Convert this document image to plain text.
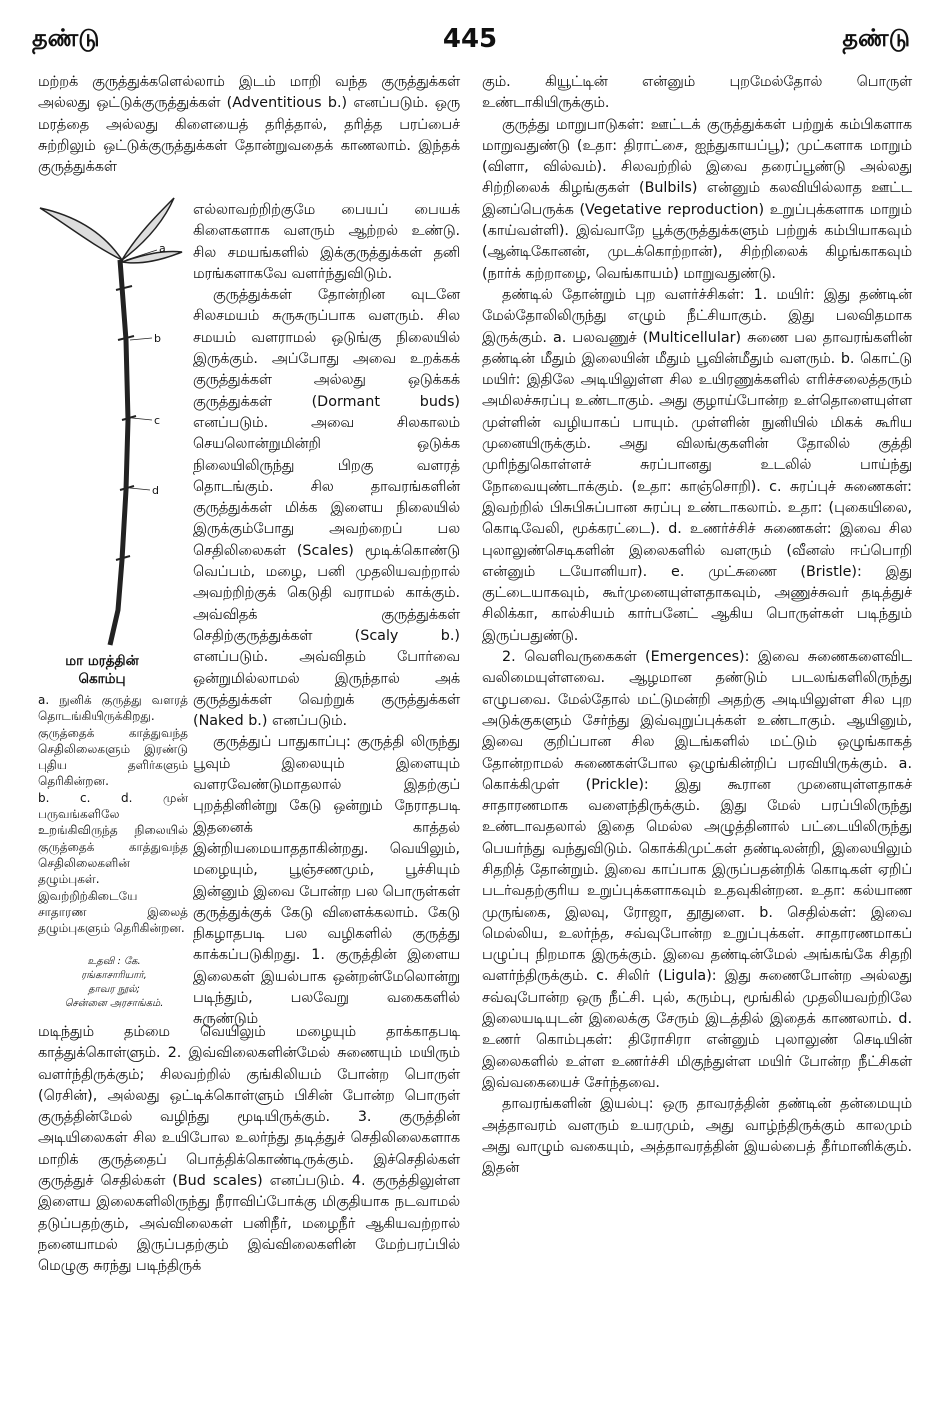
தண்டு	445	தண்டு

மற்றக் குருத்துக்களெல்லாம் இடம் மாறி வந்த குருத்துக்கள் அல்லது ஒட்டுக்குருத்துக்கள் (Adventitious b.) எனப்படும். ஒரு மரத்தை அல்லது கிளையைத் தரித்தால், தரித்த பரப்பைச் சுற்றிலும் ஒட்டுக்குருத்துக்கள் தோன்றுவதைக் காணலாம். இந்தக் குருத்துக்கள்

a
b
c
d
மா மரத்தின்
கொம்பு

a. நுனிக் குருத்து வளரத் தொடங்கியிருக்கிறது. குருத்தைக் காத்துவந்த செதிலிலைகளும் இரண்டு புதிய தளிர்களும் தெரிகின்றன.

b. c. d. முன் பருவங்களிலே உறங்கிவிருந்த நிலையில் குருத்தைக் காத்துவந்த செதிலிலைகளின் தழும்புகள். இவற்றிற்கிடையே சாதாரண இலைத் தழும்புகளும் தெரிகின்றன.

உதவி : கே.

ரங்காசாரியார்,

தாவர நூல்;

சென்னை அரசாங்கம்.

எல்லாவற்றிற்குமே பையப் பையக் கிளைகளாக வளரும் ஆற்றல் உண்டு. சில சமயங்களில் இக்குருத்துக்கள் தனி மரங்களாகவே வளர்ந்துவிடும்.

குருத்துக்கள் தோன்றின வுடனே சிலசமயம் சுருசுருப்பாக வளரும். சில சமயம் வளராமல் ஒடுங்கு நிலையில் இருக்கும். அப்போது அவை உறக்கக் குருத்துக்கள் அல்லது ஒடுக்கக் குருத்துக்கள் (Dormant buds) எனப்படும். அவை சிலகாலம் செயலொன்றுமின்றி ஒடுக்க நிலையிலிருந்து பிறகு வளரத் தொடங்கும். சில தாவரங்களின் குருத்துக்கள் மிக்க இளைய நிலையில் இருக்கும்போது அவற்றைப் பல செதிலிலைகள் (Scales) மூடிக்கொண்டு வெப்பம், மழை, பனி முதலியவற்றால் அவற்றிற்குக் கெடுதி வராமல் காக்கும். அவ்விதக் குருத்துக்கள் செதிற்குருத்துக்கள் (Scaly b.) எனப்படும். அவ்விதம் போர்வை ஒன்றுமில்லாமல் இருந்தால் அக் குருத்துக்கள் வெற்றுக் குருத்துக்கள் (Naked b.) எனப்படும்.

குருத்துப் பாதுகாப்பு: குருத்தி லிருந்து பூவும் இலையும் இளையும் வளரவேண்டுமாதலால் இதற்குப் புறத்தினின்று கேடு ஒன்றும் நேராதபடி இதனைக் காத்தல் இன்றியமையாததாகின்றது. வெயிலும், மழையும், பூஞ்சணமும், பூச்சியும் இன்னும் இவை போன்ற பல பொருள்கள் குருத்துக்குக் கேடு விளைக்கலாம். கேடு நிகழாதபடி பல வழிகளில் குருத்து காக்கப்படுகிறது. 1. குருத்தின் இளைய இலைகள் இயல்பாக ஒன்றன்மேலொன்று படிந்தும், பலவேறு வகைகளில் சுருண்டும்

மடிந்தும் தம்மை வெயிலும் மழையும் தாக்காதபடி காத்துக்கொள்ளும். 2. இவ்விலைகளின்மேல் சுணையும் மயிரும் வளர்ந்திருக்கும்; சிலவற்றில் குங்கிலியம் போன்ற பொருள் (ரெசின்), அல்லது ஒட்டிக்கொள்ளும் பிசின் போன்ற பொருள் குருத்தின்மேல் வழிந்து மூடியிருக்கும். 3. குருத்தின் அடியிலைகள் சில உயிபோல உலர்ந்து தடித்துச் செதிலிலைகளாக மாறிக் குருத்தைப் பொத்திக்கொண்டிருக்கும். இச்செதில்கள் குருத்துச் செதில்கள் (Bud scales) எனப்படும். 4. குருத்திலுள்ள இளைய இலைகளிலிருந்து நீராவிப்போக்கு மிகுதியாக நடவாமல் தடுப்பதற்கும், அவ்விலைகள் பனிநீர், மழைநீர் ஆகியவற்றால் நனையாமல் இருப்பதற்கும் இவ்விலைகளின் மேற்பரப்பில் மெழுகு சுரந்து படிந்திருக்

கும். கியூட்டின் என்னும் புறமேல்தோல் பொருள் உண்டாகியிருக்கும்.

குருத்து மாறுபாடுகள்: ஊட்டக் குருத்துக்கள் பற்றுக் கம்பிகளாக மாறுவதுண்டு (உதா: திராட்சை, ஐந்துகாயப்பூ); முட்களாக மாறும் (விளா, வில்வம்). சிலவற்றில் இவை தரைப்பூண்டு அல்லது சிற்றிலைக் கிழங்குகள் (Bulbils) என்னும் கலவியில்லாத ஊட்ட இனப்பெருக்க (Vegetative reproduction) உறுப்புக்களாக மாறும் (காய்வள்ளி). இவ்வாறே பூக்குருத்துக்களும் பற்றுக் கம்பியாகவும் (ஆன்டிகோனன், முடக்கொற்றான்), சிற்றிலைக் கிழங்காகவும் (நார்க் கற்றாழை, வெங்காயம்) மாறுவதுண்டு.

தண்டில் தோன்றும் புற வளர்ச்சிகள்: 1. மயிர்: இது தண்டின் மேல்தோலிலிருந்து எழும் நீட்சியாகும். இது பலவிதமாக இருக்கும். a. பலவணுச் (Multicellular) சுணை பல தாவரங்களின் தண்டின் மீதும் இலையின் மீதும் பூவின்மீதும் வளரும். b. கொட்டு மயிர்: இதிலே அடியிலுள்ள சில உயிரணுக்களில் எரிச்சலைத்தரும் அமிலச்சுரப்பு உண்டாகும். அது குழாய்போன்ற உள்தொளையுள்ள முள்ளின் வழியாகப் பாயும். முள்ளின் நுனியில் மிகக் கூரிய முனையிருக்கும். அது விலங்குகளின் தோலில் குத்தி முரிந்துகொள்ளச் சுரப்பானது உடலில் பாய்ந்து நோவையுண்டாக்கும். (உதா: காஞ்சொறி). c. சுரப்புச் சுணைகள்: இவற்றில் பிசுபிசுப்பான சுரப்பு உண்டாகலாம். உதா: (புகையிலை, கொடிவேலி, மூக்கரட்டை). d. உணர்ச்சிச் சுணைகள்: இவை சில புலாலுண்செடிகளின் இலைகளில் வளரும் (வீனஸ் ஈப்பொறி என்னும் டயோனியா). e. முட்சுணை (Bristle): இது குட்டையாகவும், கூர்முனையுள்ளதாகவும், அணுச்சுவர் தடித்துச் சிலிக்கா, கால்சியம் கார்பனேட் ஆகிய பொருள்கள் படிந்தும் இருப்பதுண்டு.

2. வெளிவருகைகள் (Emergences): இவை சுணைகளைவிட வலிமையுள்ளவை. ஆழமான தண்டும் படலங்களிலிருந்து எழுபவை. மேல்தோல் மட்டுமன்றி அதற்கு அடியிலுள்ள சில புற அடுக்குகளும் சேர்ந்து இவ்வுறுப்புக்கள் உண்டாகும். ஆயினும், இவை குறிப்பான சில இடங்களில் மட்டும் ஒழுங்காகத் தோன்றாமல் சுணைகள்போல ஒழுங்கின்றிப் பரவியிருக்கும். a. கொக்கிமுள் (Prickle): இது கூரான முனையுள்ளதாகச் சாதாரணமாக வளைந்திருக்கும். இது மேல் பரப்பிலிருந்து உண்டாவதலால் இதை மெல்ல அழுத்தினால் பட்டையிலிருந்து பெயர்ந்து வந்துவிடும். கொக்கிமுட்கள் தண்டிலன்றி, இலையிலும் சிதறித் தோன்றும். இவை காப்பாக இருப்பதன்றிக் கொடிகள் ஏறிப் படர்வதற்குரிய உறுப்புக்களாகவும் உதவுகின்றன. உதா: கல்யாண முருங்கை, இலவு, ரோஜா, தூதுளை. b. செதில்கள்: இவை மெல்லிய, உலர்ந்த, சவ்வுபோன்ற உறுப்புக்கள். சாதாரணமாகப் பழுப்பு நிறமாக இருக்கும். இவை தண்டின்மேல் அங்கங்கே சிதறி வளர்ந்திருக்கும். c. சிலிர் (Ligula): இது சுணைபோன்ற அல்லது சவ்வுபோன்ற ஒரு நீட்சி. புல், கரும்பு, மூங்கில் முதலியவற்றிலே இலையடியுடன் இலைக்கு சேரும் இடத்தில் இதைக் காணலாம். d. உணர் கொம்புகள்: திரோசிரா என்னும் புலாலுண் செடியின் இலைகளில் உள்ள உணர்ச்சி மிகுந்துள்ள மயிர் போன்ற நீட்சிகள் இவ்வகையைச் சேர்ந்தவை.

தாவரங்களின் இயல்பு: ஒரு தாவரத்தின் தண்டின் தன்மையும் அத்தாவரம் வளரும் உயரமும், அது வாழ்ந்திருக்கும் காலமும் அது வாழும் வகையும், அத்தாவரத்தின் இயல்பைத் தீர்மானிக்கும். இதன்
